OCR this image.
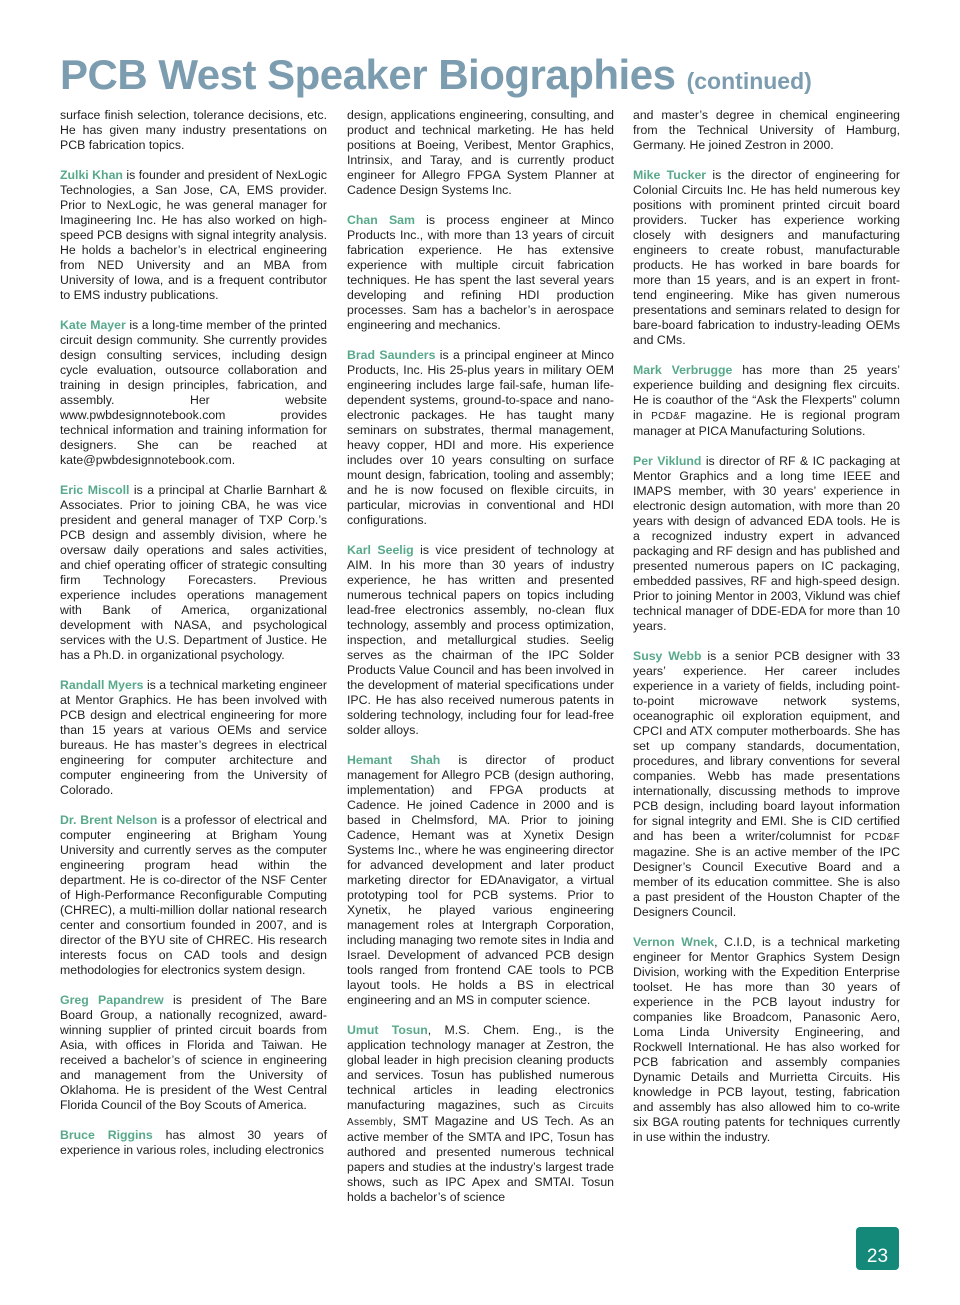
PCB West Speaker Biographies (continued)

surface finish selection, tolerance decisions, etc. He has given many industry presentations on PCB fabrication topics.

Zulki Khan is founder and president of NexLogic Technologies, a San Jose, CA, EMS provider. Prior to NexLogic, he was general manager for Imagineering Inc. He has also worked on high-speed PCB designs with signal integrity analysis. He holds a bachelor’s in electrical engineering from NED University and an MBA from University of Iowa, and is a frequent contributor to EMS industry publications.

Kate Mayer is a long-time member of the printed circuit design community. She currently provides design consulting services, including design cycle evaluation, outsource collaboration and training in design principles, fabrication, and assembly. Her website www.pwbdesignnotebook.com provides technical information and training information for designers. She can be reached at kate@pwbdesignnotebook.com.

Eric Miscoll is a principal at Charlie Barnhart & Associates. Prior to joining CBA, he was vice president and general manager of TXP Corp.’s PCB design and assembly division, where he oversaw daily operations and sales activities, and chief operating officer of strategic consulting firm Technology Forecasters. Previous experience includes operations management with Bank of America, organizational development with NASA, and psychological services with the U.S. Department of Justice. He has a Ph.D. in organizational psychology.

Randall Myers is a technical marketing engineer at Mentor Graphics. He has been involved with PCB design and electrical engineering for more than 15 years at various OEMs and service bureaus. He has master’s degrees in electrical engineering for computer architecture and computer engineering from the University of Colorado.

Dr. Brent Nelson is a professor of electrical and computer engineering at Brigham Young University and currently serves as the computer engineering program head within the department. He is co-director of the NSF Center of High-Performance Reconfigurable Computing (CHREC), a multi-million dollar national research center and consortium founded in 2007, and is director of the BYU site of CHREC. His research interests focus on CAD tools and design methodologies for electronics system design.

Greg Papandrew is president of The Bare Board Group, a nationally recognized, award-winning supplier of printed circuit boards from Asia, with offices in Florida and Taiwan. He received a bachelor’s of science in engineering and management from the University of Oklahoma. He is president of the West Central Florida Council of the Boy Scouts of America.

Bruce Riggins has almost 30 years of experience in various roles, including electronics

design, applications engineering, consulting, and product and technical marketing. He has held positions at Boeing, Veribest, Mentor Graphics, Intrinsix, and Taray, and is currently product engineer for Allegro FPGA System Planner at Cadence Design Systems Inc.

Chan Sam is process engineer at Minco Products Inc., with more than 13 years of circuit fabrication experience. He has extensive experience with multiple circuit fabrication techniques. He has spent the last several years developing and refining HDI production processes. Sam has a bachelor’s in aerospace engineering and mechanics.

Brad Saunders is a principal engineer at Minco Products, Inc. His 25-plus years in military OEM engineering includes large fail-safe, human life-dependent systems, ground-to-space and nano-electronic packages. He has taught many seminars on substrates, thermal management, heavy copper, HDI and more. His experience includes over 10 years consulting on surface mount design, fabrication, tooling and assembly; and he is now focused on flexible circuits, in particular, microvias in conventional and HDI configurations.

Karl Seelig is vice president of technology at AIM. In his more than 30 years of industry experience, he has written and presented numerous technical papers on topics including lead-free electronics assembly, no-clean flux technology, assembly and process optimization, inspection, and metallurgical studies. Seelig serves as the chairman of the IPC Solder Products Value Council and has been involved in the development of material specifications under IPC. He has also received numerous patents in soldering technology, including four for lead-free solder alloys.

Hemant Shah is director of product management for Allegro PCB (design authoring, implementation) and FPGA products at Cadence. He joined Cadence in 2000 and is based in Chelmsford, MA. Prior to joining Cadence, Hemant was at Xynetix Design Systems Inc., where he was engineering director for advanced development and later product marketing director for EDAnavigator, a virtual prototyping tool for PCB systems. Prior to Xynetix, he played various engineering management roles at Intergraph Corporation, including managing two remote sites in India and Israel. Development of advanced PCB design tools ranged from frontend CAE tools to PCB layout tools. He holds a BS in electrical engineering and an MS in computer science.

Umut Tosun, M.S. Chem. Eng., is the application technology manager at Zestron, the global leader in high precision cleaning products and services. Tosun has published numerous technical articles in leading electronics manufacturing magazines, such as Circuits Assembly, SMT Magazine and US Tech. As an active member of the SMTA and IPC, Tosun has authored and presented numerous technical papers and studies at the industry’s largest trade shows, such as IPC Apex and SMTAI. Tosun holds a bachelor’s of science

and master’s degree in chemical engineering from the Technical University of Hamburg, Germany. He joined Zestron in 2000.

Mike Tucker is the director of engineering for Colonial Circuits Inc. He has held numerous key positions with prominent printed circuit board providers. Tucker has experience working closely with designers and manufacturing engineers to create robust, manufacturable products. He has worked in bare boards for more than 15 years, and is an expert in front-tend engineering. Mike has given numerous presentations and seminars related to design for bare-board fabrication to industry-leading OEMs and CMs.

Mark Verbrugge has more than 25 years’ experience building and designing flex circuits. He is coauthor of the “Ask the Flexperts” column in PCD&F magazine. He is regional program manager at PICA Manufacturing Solutions.

Per Viklund is director of RF & IC packaging at Mentor Graphics and a long time IEEE and IMAPS member, with 30 years’ experience in electronic design automation, with more than 20 years with design of advanced EDA tools. He is a recognized industry expert in advanced packaging and RF design and has published and presented numerous papers on IC packaging, embedded passives, RF and high-speed design. Prior to joining Mentor in 2003, Viklund was chief technical manager of DDE-EDA for more than 10 years.

Susy Webb is a senior PCB designer with 33 years’ experience. Her career includes experience in a variety of fields, including point-to-point microwave network systems, oceanographic oil exploration equipment, and CPCI and ATX computer motherboards. She has set up company standards, documentation, procedures, and library conventions for several companies. Webb has made presentations internationally, discussing methods to improve PCB design, including board layout information for signal integrity and EMI. She is CID certified and has been a writer/columnist for PCD&F magazine. She is an active member of the IPC Designer’s Council Executive Board and a member of its education committee. She is also a past president of the Houston Chapter of the Designers Council.

Vernon Wnek, C.I.D, is a technical marketing engineer for Mentor Graphics System Design Division, working with the Expedition Enterprise toolset. He has more than 30 years of experience in the PCB layout industry for companies like Broadcom, Panasonic Aero, Loma Linda University Engineering, and Rockwell International. He has also worked for PCB fabrication and assembly companies Dynamic Details and Murrietta Circuits. His knowledge in PCB layout, testing, fabrication and assembly has also allowed him to co-write six BGA routing patents for techniques currently in use within the industry.

23
